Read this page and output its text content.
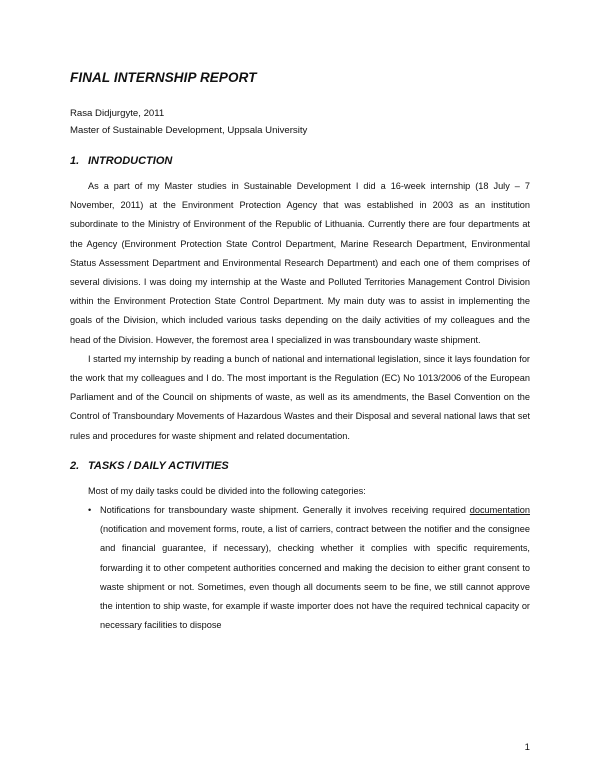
FINAL INTERNSHIP REPORT

Rasa Didjurgyte, 2011

Master of Sustainable Development, Uppsala University

1. INTRODUCTION

As a part of my Master studies in Sustainable Development I did a 16-week internship (18 July – 7 November, 2011) at the Environment Protection Agency that was established in 2003 as an institution subordinate to the Ministry of Environment of the Republic of Lithuania. Currently there are four departments at the Agency (Environment Protection State Control Department, Marine Research Department, Environmental Status Assessment Department and Environmental Research Department) and each one of them comprises of several divisions. I was doing my internship at the Waste and Polluted Territories Management Control Division within the Environment Protection State Control Department. My main duty was to assist in implementing the goals of the Division, which included various tasks depending on the daily activities of my colleagues and the head of the Division. However, the foremost area I specialized in was transboundary waste shipment.

I started my internship by reading a bunch of national and international legislation, since it lays foundation for the work that my colleagues and I do. The most important is the Regulation (EC) No 1013/2006 of the European Parliament and of the Council on shipments of waste, as well as its amendments, the Basel Convention on the Control of Transboundary Movements of Hazardous Wastes and their Disposal and several national laws that set rules and procedures for waste shipment and related documentation.

2. TASKS / DAILY ACTIVITIES

Most of my daily tasks could be divided into the following categories:

• Notifications for transboundary waste shipment. Generally it involves receiving required documentation (notification and movement forms, route, a list of carriers, contract between the notifier and the consignee and financial guarantee, if necessary), checking whether it complies with specific requirements, forwarding it to other competent authorities concerned and making the decision to either grant consent to waste shipment or not. Sometimes, even though all documents seem to be fine, we still cannot approve the intention to ship waste, for example if waste importer does not have the required technical capacity or necessary facilities to dispose
1
